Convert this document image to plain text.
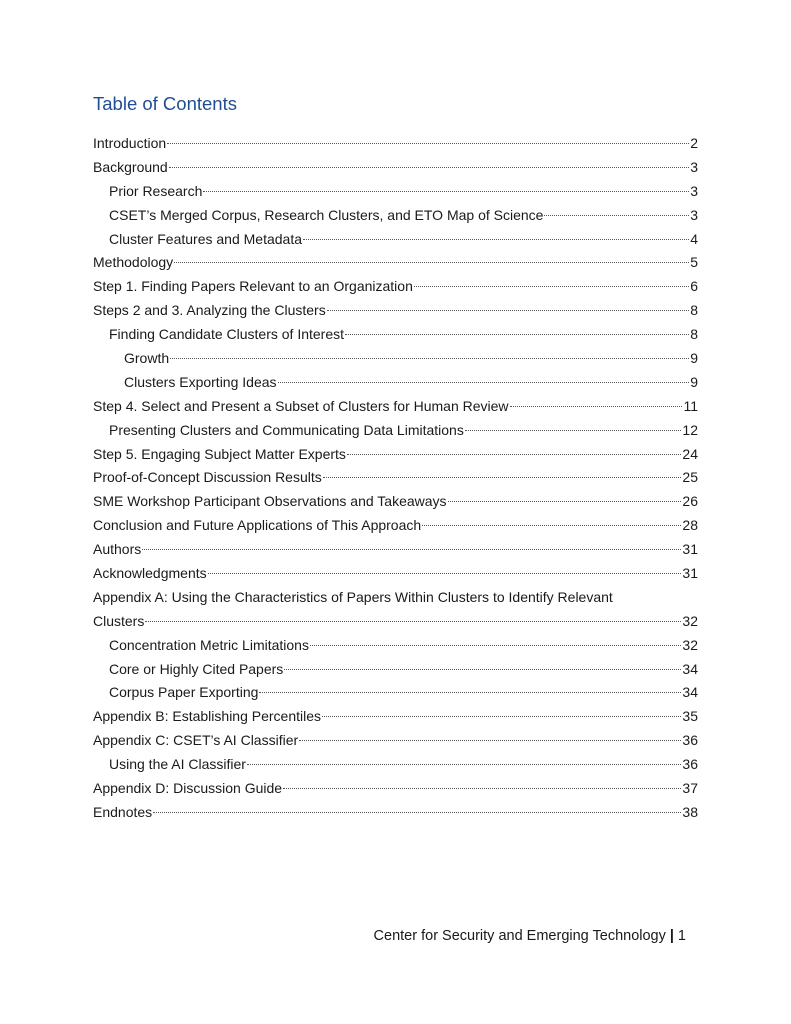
Table of Contents
Introduction	2
Background	3
Prior Research	3
CSET’s Merged Corpus, Research Clusters, and ETO Map of Science	3
Cluster Features and Metadata	4
Methodology	5
Step 1. Finding Papers Relevant to an Organization	6
Steps 2 and 3. Analyzing the Clusters	8
Finding Candidate Clusters of Interest	8
Growth	9
Clusters Exporting Ideas	9
Step 4. Select and Present a Subset of Clusters for Human Review	11
Presenting Clusters and Communicating Data Limitations	12
Step 5. Engaging Subject Matter Experts	24
Proof-of-Concept Discussion Results	25
SME Workshop Participant Observations and Takeaways	26
Conclusion and Future Applications of This Approach	28
Authors	31
Acknowledgments	31
Appendix A: Using the Characteristics of Papers Within Clusters to Identify Relevant
Clusters	32
Concentration Metric Limitations	32
Core or Highly Cited Papers	34
Corpus Paper Exporting	34
Appendix B: Establishing Percentiles	35
Appendix C: CSET’s AI Classifier	36
Using the AI Classifier	36
Appendix D: Discussion Guide	37
Endnotes	38
Center for Security and Emerging Technology | 1
